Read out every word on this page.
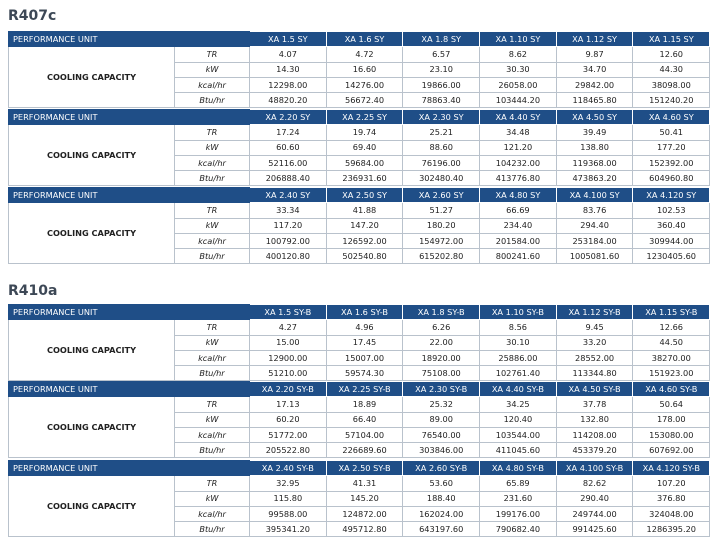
R407c
PERFORMANCE UNIT		XA 1.5 SY	XA 1.6 SY	XA 1.8 SY	XA 1.10 SY	XA 1.12 SY	XA 1.15 SY
COOLING CAPACITY	TR	4.07	4.72	6.57	8.62	9.87	12.60
	kW	14.30	16.60	23.10	30.30	34.70	44.30
	kcal/hr	12298.00	14276.00	19866.00	26058.00	29842.00	38098.00
	Btu/hr	48820.20	56672.40	78863.40	103444.20	118465.80	151240.20
PERFORMANCE UNIT		XA 2.20 SY	XA 2.25 SY	XA 2.30 SY	XA 4.40 SY	XA 4.50 SY	XA 4.60 SY
COOLING CAPACITY	TR	17.24	19.74	25.21	34.48	39.49	50.41
	kW	60.60	69.40	88.60	121.20	138.80	177.20
	kcal/hr	52116.00	59684.00	76196.00	104232.00	119368.00	152392.00
	Btu/hr	206888.40	236931.60	302480.40	413776.80	473863.20	604960.80
PERFORMANCE UNIT		XA 2.40 SY	XA 2.50 SY	XA 2.60 SY	XA 4.80 SY	XA 4.100 SY	XA 4.120 SY
COOLING CAPACITY	TR	33.34	41.88	51.27	66.69	83.76	102.53
	kW	117.20	147.20	180.20	234.40	294.40	360.40
	kcal/hr	100792.00	126592.00	154972.00	201584.00	253184.00	309944.00
	Btu/hr	400120.80	502540.80	615202.80	800241.60	1005081.60	1230405.60
R410a
PERFORMANCE UNIT		XA 1.5 SY-B	XA 1.6 SY-B	XA 1.8 SY-B	XA 1.10 SY-B	XA 1.12 SY-B	XA 1.15 SY-B
COOLING CAPACITY	TR	4.27	4.96	6.26	8.56	9.45	12.66
	kW	15.00	17.45	22.00	30.10	33.20	44.50
	kcal/hr	12900.00	15007.00	18920.00	25886.00	28552.00	38270.00
	Btu/hr	51210.00	59574.30	75108.00	102761.40	113344.80	151923.00
PERFORMANCE UNIT		XA 2.20 SY-B	XA 2.25 SY-B	XA 2.30 SY-B	XA 4.40 SY-B	XA 4.50 SY-B	XA 4.60 SY-B
COOLING CAPACITY	TR	17.13	18.89	25.32	34.25	37.78	50.64
	kW	60.20	66.40	89.00	120.40	132.80	178.00
	kcal/hr	51772.00	57104.00	76540.00	103544.00	114208.00	153080.00
	Btu/hr	205522.80	226689.60	303846.00	411045.60	453379.20	607692.00
PERFORMANCE UNIT		XA 2.40 SY-B	XA 2.50 SY-B	XA 2.60 SY-B	XA 4.80 SY-B	XA 4.100 SY-B	XA 4.120 SY-B
COOLING CAPACITY	TR	32.95	41.31	53.60	65.89	82.62	107.20
	kW	115.80	145.20	188.40	231.60	290.40	376.80
	kcal/hr	99588.00	124872.00	162024.00	199176.00	249744.00	324048.00
	Btu/hr	395341.20	495712.80	643197.60	790682.40	991425.60	1286395.20
